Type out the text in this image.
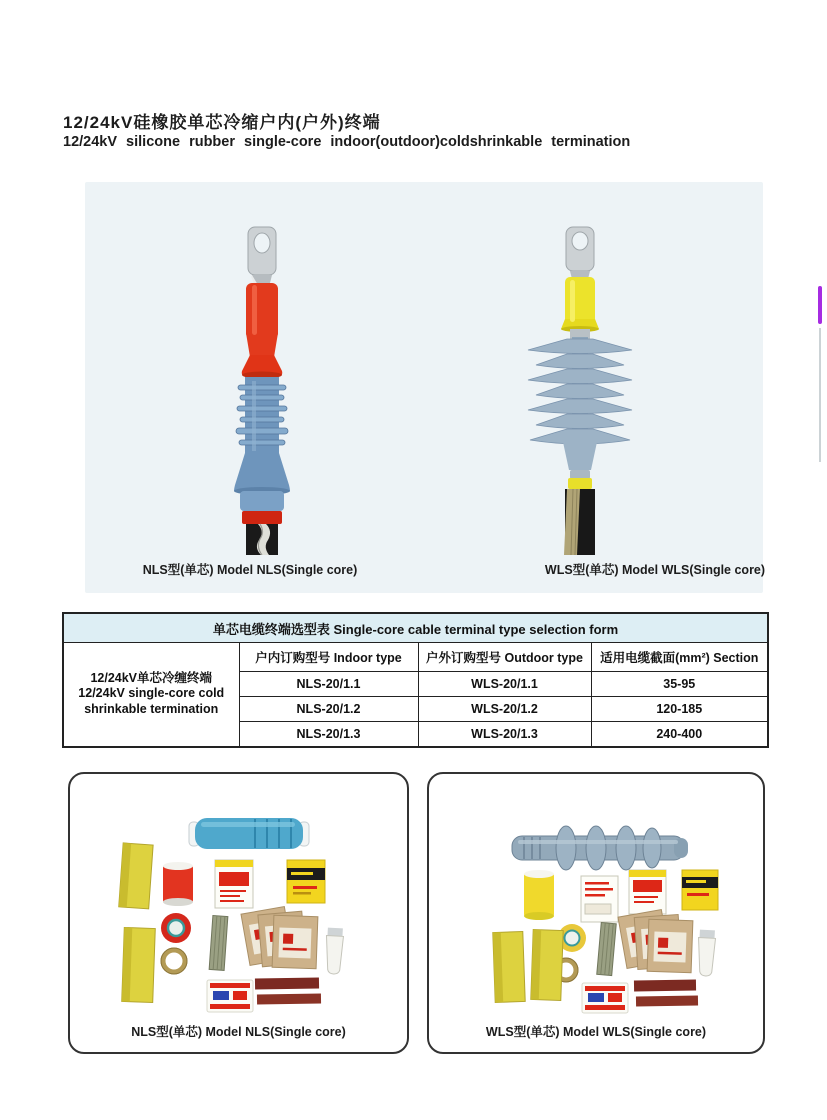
12/24kV硅橡胶单芯冷缩户内(户外)终端
12/24kV silicone rubber single-core indoor(outdoor)coldshrinkable termination
NLS型(单芯) Model NLS(Single core)	WLS型(单芯) Model WLS(Single core)
单芯电缆终端选型表 Single-core cable terminal type selection form			

12/24kV单芯冷缠终端
12/24kV single-core cold
shrinkable termination	户内订购型号 Indoor type	户外订购型号 Outdoor type	适用电缆截面(mm²) Section
	NLS-20/1.1	WLS-20/1.1	35-95
	NLS-20/1.2	WLS-20/1.2	120-185
	NLS-20/1.3	WLS-20/1.3	240-400
NLS型(单芯) Model NLS(Single core)	WLS型(单芯) Model WLS(Single core)
